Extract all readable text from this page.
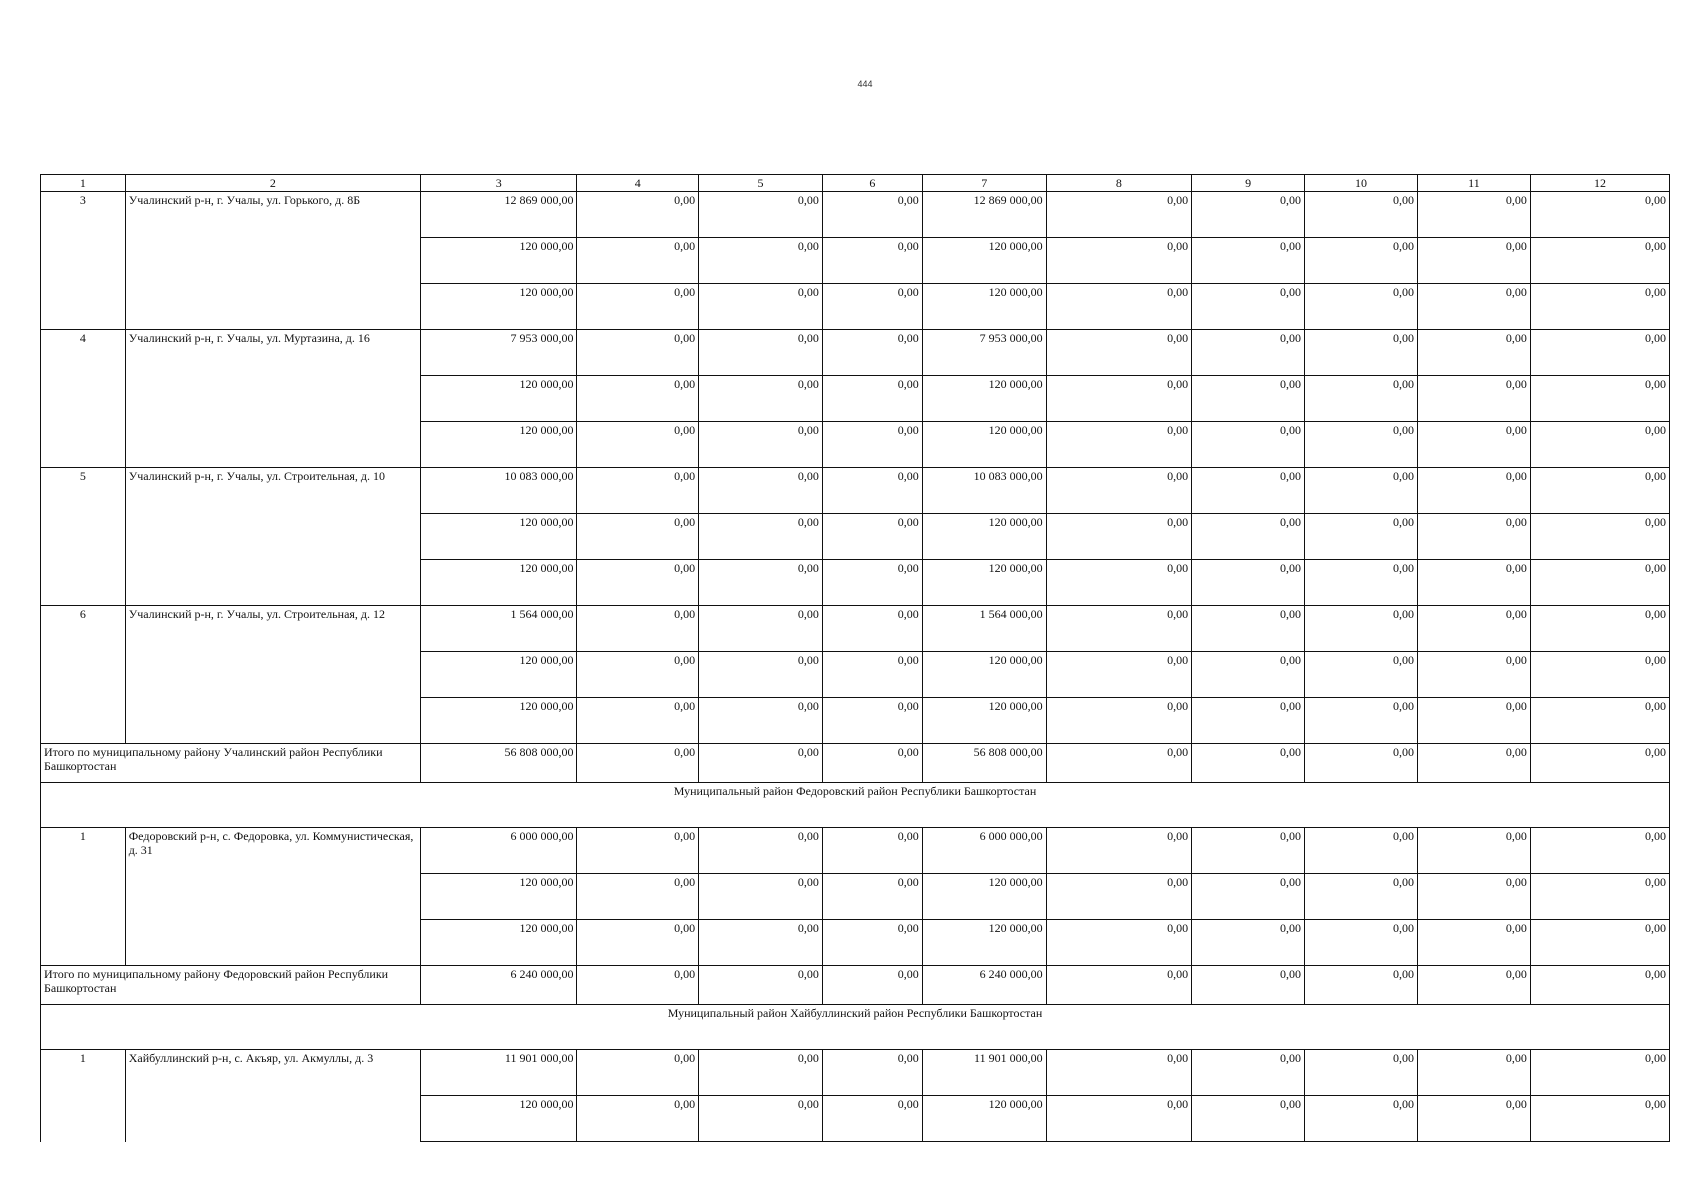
444
1	2	3	4	5	6	7	8	9	10	11	12
3	Учалинский р-н, г. Учалы, ул. Горького, д. 8Б	12 869 000,00	0,00	0,00	0,00	12 869 000,00	0,00	0,00	0,00	0,00	0,00
		120 000,00	0,00	0,00	0,00	120 000,00	0,00	0,00	0,00	0,00	0,00
		120 000,00	0,00	0,00	0,00	120 000,00	0,00	0,00	0,00	0,00	0,00
4	Учалинский р-н, г. Учалы, ул. Муртазина, д. 16	7 953 000,00	0,00	0,00	0,00	7 953 000,00	0,00	0,00	0,00	0,00	0,00
		120 000,00	0,00	0,00	0,00	120 000,00	0,00	0,00	0,00	0,00	0,00
		120 000,00	0,00	0,00	0,00	120 000,00	0,00	0,00	0,00	0,00	0,00
5	Учалинский р-н, г. Учалы, ул. Строительная, д. 10	10 083 000,00	0,00	0,00	0,00	10 083 000,00	0,00	0,00	0,00	0,00	0,00
		120 000,00	0,00	0,00	0,00	120 000,00	0,00	0,00	0,00	0,00	0,00
		120 000,00	0,00	0,00	0,00	120 000,00	0,00	0,00	0,00	0,00	0,00
6	Учалинский р-н, г. Учалы, ул. Строительная, д. 12	1 564 000,00	0,00	0,00	0,00	1 564 000,00	0,00	0,00	0,00	0,00	0,00
		120 000,00	0,00	0,00	0,00	120 000,00	0,00	0,00	0,00	0,00	0,00
		120 000,00	0,00	0,00	0,00	120 000,00	0,00	0,00	0,00	0,00	0,00
Итого по муниципальному району Учалинский район Республики Башкортостан		56 808 000,00	0,00	0,00	0,00	56 808 000,00	0,00	0,00	0,00	0,00	0,00
Муниципальный район Федоровский район Республики Башкортостан											
1	Федоровский р-н, с. Федоровка, ул. Коммунистическая, д. 31	6 000 000,00	0,00	0,00	0,00	6 000 000,00	0,00	0,00	0,00	0,00	0,00
		120 000,00	0,00	0,00	0,00	120 000,00	0,00	0,00	0,00	0,00	0,00
		120 000,00	0,00	0,00	0,00	120 000,00	0,00	0,00	0,00	0,00	0,00
Итого по муниципальному району Федоровский район Республики Башкортостан		6 240 000,00	0,00	0,00	0,00	6 240 000,00	0,00	0,00	0,00	0,00	0,00
Муниципальный район Хайбуллинский район Республики Башкортостан											
1	Хайбуллинский р-н, с. Акъяр, ул. Акмуллы, д. 3	11 901 000,00	0,00	0,00	0,00	11 901 000,00	0,00	0,00	0,00	0,00	0,00
		120 000,00	0,00	0,00	0,00	120 000,00	0,00	0,00	0,00	0,00	0,00
